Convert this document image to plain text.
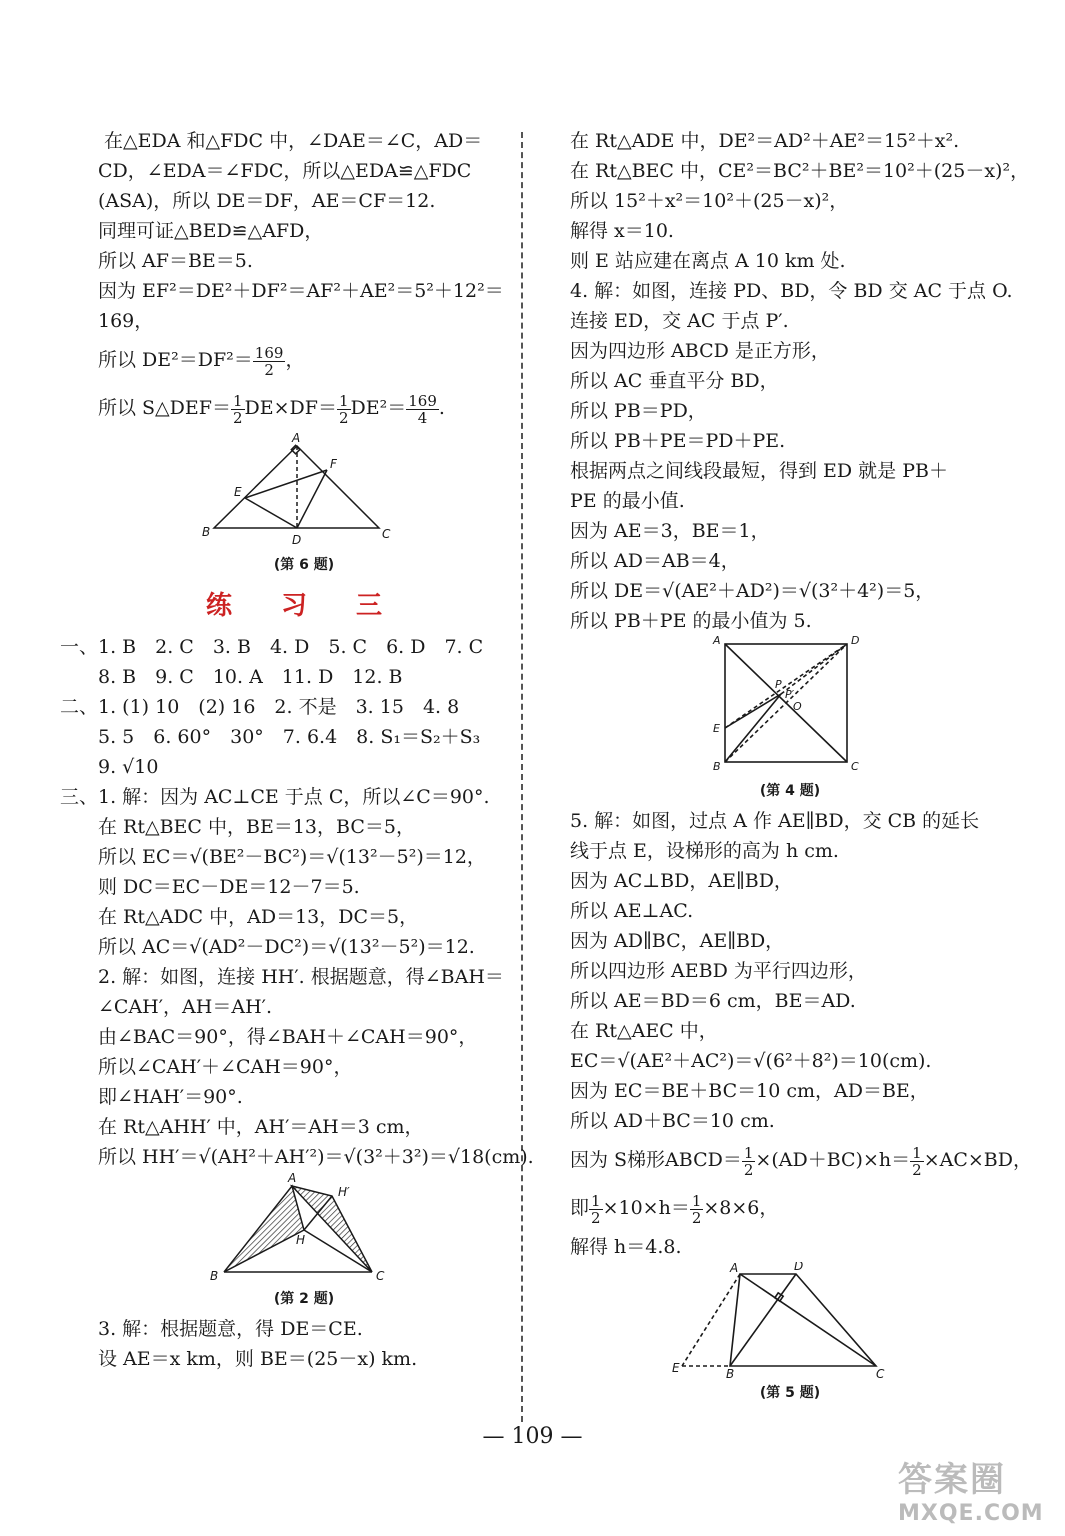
在△EDA 和△FDC 中，∠DAE＝∠C，AD＝
CD，∠EDA＝∠FDC，所以△EDA≌△FDC
(ASA)，所以 DE＝DF，AE＝CF＝12.
同理可证△BED≌△AFD，
所以 AF＝BE＝5.
因为 EF²＝DE²＋DF²＝AF²＋AE²＝5²＋12²＝
169，
所以 $DE^2=DF^2= \frac{169}{2}$ ，
所以 S△DEF＝ $\frac{1}{2} DE\times DF= \frac{1}{2} DE^2= \frac{169}{4}$ .
A
B	C
D
E
F
(第 6 题)
练 习 三
一、1. B　2. C　3. B　4. D　5. C　6. D　7. C
　　8. B　9. C　10. A　11. D　12. B
二、1. (1) 10　(2) 16　2. 不是　3. 15　4. 8
　　5. 5　6. 60°　30°　7. 6.4　8. S₁＝S₂＋S₃
　　9. √10
三、1. 解：因为 AC⊥CE 于点 C，所以∠C＝90°.
在 Rt△BEC 中，BE＝13，BC＝5，
所以 EC＝√(BE²－BC²)＝√(13²－5²)＝12，
则 DC＝EC－DE＝12－7＝5.
在 Rt△ADC 中，AD＝13，DC＝5，
所以 AC＝√(AD²－DC²)＝√(13²－5²)＝12.
2. 解：如图，连接 HH′. 根据题意，得∠BAH＝
∠CAH′，AH＝AH′.
由∠BAC＝90°，得∠BAH＋∠CAH＝90°，
所以∠CAH′＋∠CAH＝90°，
即∠HAH′＝90°.
在 Rt△AHH′ 中，AH′＝AH＝3 cm，
所以 HH′＝√(AH²＋AH′²)＝√(3²＋3²)＝√18(cm).
A
B	C
H
H′
(第 2 题)
3. 解：根据题意，得 DE＝CE.
设 AE＝x km，则 BE＝(25－x) km.
在 Rt△ADE 中，DE²＝AD²＋AE²＝15²＋x².
在 Rt△BEC 中，CE²＝BC²＋BE²＝10²＋(25－x)²，
所以 15²＋x²＝10²＋(25－x)²，
解得 x＝10.
则 E 站应建在离点 A 10 km 处.
4. 解：如图，连接 PD、BD，令 BD 交 AC 于点 O.
连接 ED，交 AC 于点 P′.
因为四边形 ABCD 是正方形，
所以 AC 垂直平分 BD，
所以 PB＝PD，
所以 PB＋PE＝PD＋PE.
根据两点之间线段最短，得到 ED 就是 PB＋
PE 的最小值.
因为 AE＝3，BE＝1，
所以 AD＝AB＝4，
所以 DE＝√(AE²＋AD²)＝√(3²＋4²)＝5，
所以 PB＋PE 的最小值为 5.
A
B	C
D
E
P
P′
O
(第 4 题)
5. 解：如图，过点 A 作 AE∥BD，交 CB 的延长
线于点 E，设梯形的高为 h cm.
因为 AC⊥BD，AE∥BD，
所以 AE⊥AC.
因为 AD∥BC，AE∥BD，
所以四边形 AEBD 为平行四边形，
所以 AE＝BD＝6 cm，BE＝AD.
在 Rt△AEC 中，
EC＝√(AE²＋AC²)＝√(6²＋8²)＝10(cm).
因为 EC＝BE＋BC＝10 cm，AD＝BE，
所以 AD＋BC＝10 cm.
因为 S梯形ABCD＝ $\frac{1}{2} \times(AD+BC)\times h= \frac{1}{2} \times AC\times BD$，
即 $\frac{1}{2} \times 10\times h= \frac{1}{2} \times 8\times 6$，
解得 h＝4.8.
A
B	C
D
E
(第 5 题)
— 109 —
答案圈
MXQE.COM
